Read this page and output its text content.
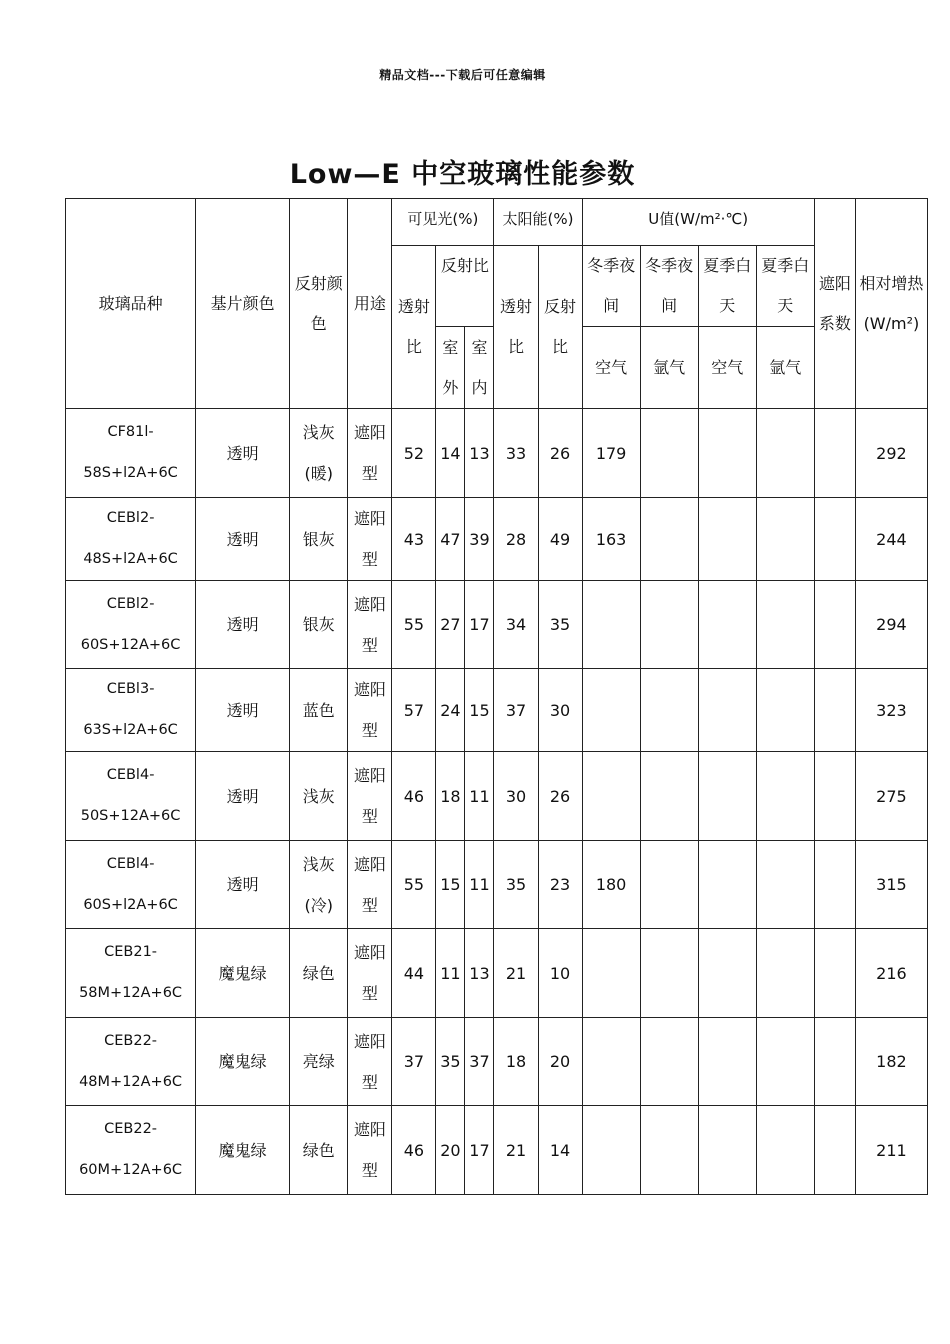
精品文档---下载后可任意编辑
Low—E 中空玻璃性能参数
玻璃品种	基片颜色	反射颜色	用途	可见光(%)			太阳能(%)		U值(W/m²·℃)				遮阳系数	相对增热
(W/m²)
				透射比	反射比		透射比	反射比	冬季夜间	冬季夜间	夏季白天	夏季白天		
					室外	室内			空气	氩气	空气	氩气		
CF81l-58S+l2A+6C	透明	浅灰(暖)	遮阳型	52	14	13	33	26	179					292
CEBl2-48S+l2A+6C	透明	银灰	遮阳型	43	47	39	28	49	163					244
CEBl2-60S+12A+6C	透明	银灰	遮阳型	55	27	17	34	35						294
CEBl3-63S+l2A+6C	透明	蓝色	遮阳型	57	24	15	37	30						323
CEBl4-50S+12A+6C	透明	浅灰	遮阳型	46	18	11	30	26						275
CEBl4-60S+l2A+6C	透明	浅灰(冷)	遮阳型	55	15	11	35	23	180					315
CEB21-58M+12A+6C	魔鬼绿	绿色	遮阳型	44	11	13	21	10						216
CEB22-48M+12A+6C	魔鬼绿	亮绿	遮阳型	37	35	37	18	20						182
CEB22-60M+12A+6C	魔鬼绿	绿色	遮阳型	46	20	17	21	14						211
